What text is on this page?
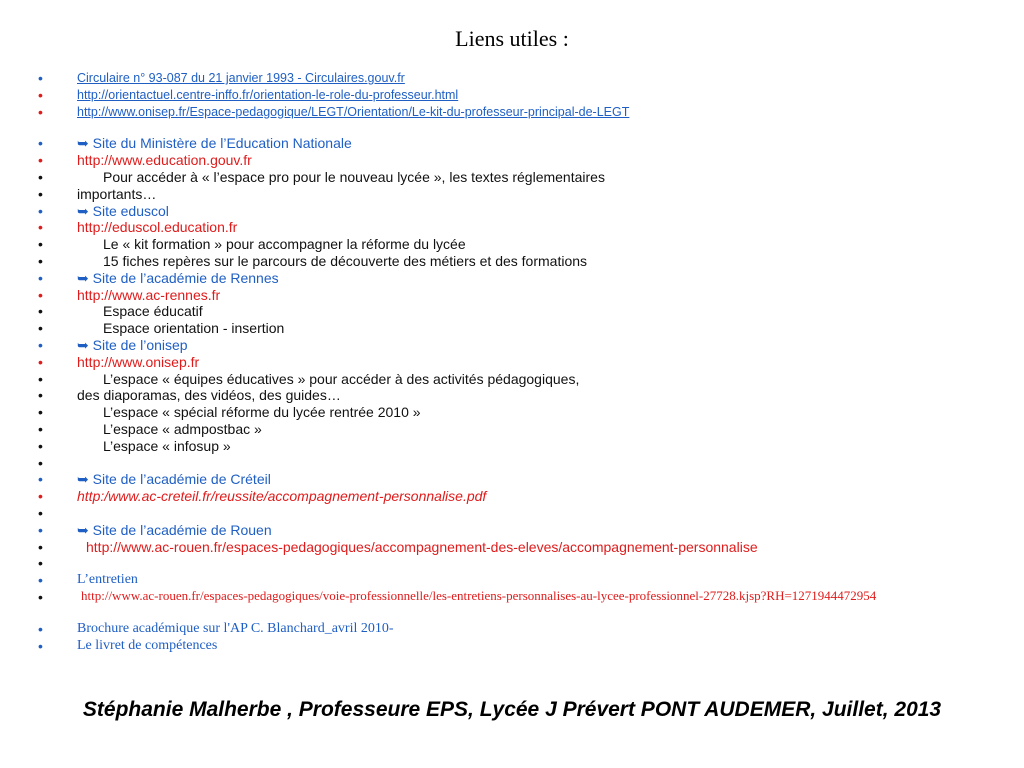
Liens utiles :
•	Circulaire n° 93-087 du 21 janvier 1993 - Circulaires.gouv.fr
•	http://orientactuel.centre-inffo.fr/orientation-le-role-du-professeur.html
•	http://www.onisep.fr/Espace-pedagogique/LEGT/Orientation/Le-kit-du-professeur-principal-de-LEGT
•	➥ Site du Ministère de l’Education Nationale
•	http://www.education.gouv.fr
•	Pour accéder à « l’espace pro pour le nouveau lycée », les textes réglementaires
•	importants…
•	➥ Site eduscol
•	http://eduscol.education.fr
•	Le « kit formation » pour accompagner la réforme du lycée
•	15 fiches repères sur le parcours de découverte des métiers et des formations
•	➥ Site de l’académie de Rennes
•	http://www.ac-rennes.fr
•	Espace éducatif
•	Espace orientation - insertion
•	➥ Site de l’onisep
•	http://www.onisep.fr
•	L’espace « équipes éducatives » pour accéder à des activités pédagogiques,
•	des diaporamas, des vidéos, des guides…
•	L’espace « spécial réforme du lycée rentrée 2010 »
•	L’espace « admpostbac »
•	L’espace « infosup »
•
•	➥ Site de l’académie de Créteil
•	http:/www.ac-creteil.fr/reussite/accompagnement-personnalise.pdf
•
•	➥ Site de l’académie de Rouen
•	http://www.ac-rouen.fr/espaces-pedagogiques/accompagnement-des-eleves/accompagnement-personnalise
•
•	L’entretien
•	http://www.ac-rouen.fr/espaces-pedagogiques/voie-professionnelle/les-entretiens-personnalises-au-lycee-professionnel-27728.kjsp?RH=1271944472954
•	Brochure académique sur l'AP C. Blanchard_avril 2010-
•	Le livret de compétences
Stéphanie Malherbe , Professeure EPS, Lycée J Prévert PONT AUDEMER, Juillet, 2013
